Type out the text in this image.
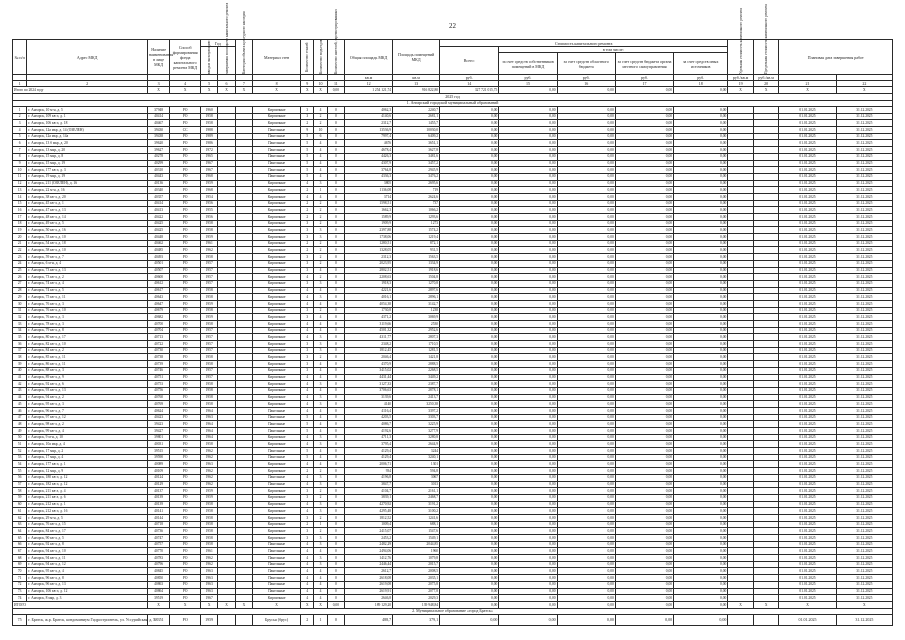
22
№ п/п	Адрес МКД	Наличие наименования в лице МКД	Способ формирования фонда капитального ремонта МКД	Год		Категория объекта культурного наследия	Материал стен	Количество этажей	Количество подъездов	Количество жителей, зарегистрированных	Общая площадь МКД	Площадь помещений МКД	Стоимость капитального ремонта					Удельная стоимость капитального ремонта	Предельная стоимость капитального ремонта	Плановая дата завершения работ	

				ввода в эксплуатацию	завершения последнего капитального ремонта								Всего:	в том числе:							
														за счет средств собственников помещений в МКД	за счет средств областного бюджета	за счет средств бюджета органа местного самоуправления	за счет средств иных источников				
											кв.м	кв.м	руб.	руб.	руб.	руб.	руб.	руб./кв.м	руб./кв.м		
1	2	3	4	5	6	7	8	9	10	11	12	13	14	15	16	17	18	19	20	21	22
Итого по 2024 году		X	X	X	X	X	X	X	X	0,00	1 254 121,74	916 822,80	327 721 015,75	0,00	0,00	0,00	0,00	X	X	X	X
2025 год																					
1. Ангарский городской муниципальный образований																					
1	г. Ангарск, 10 м-н, д. 5	37948	РО	1960			Кирпичные	3	4	0	4062,3	2240,7	0,00	0,00	0,00	0,00	0,00			01.01.2025	31.12.2025
2	г. Ангарск, 109 кв-л, д. 1	40414	РО	1958			Кирпичные	3	2	0	4140,6	2681,1	0,00	0,00	0,00	0,00	0,00			01.01.2025	31.12.2025
3	г. Ангарск, 106 кв-л, д. 18	40467	РО	1958			Кирпичные	2	2	0	2312,7	1455,7	0,00	0,00	0,00	0,00	0,00			01.01.2025	31.12.2025
4	г. Ангарск, 12а мкр, д. 14 (ОЗЕЛЕН)	39430	СС	1988			Панельные	9	10	0	13536,9	10030,0	0,00	0,00	0,00	0,00	0,00			01.01.2025	31.12.2025
5	г. Ангарск, 12а мкр, д. 14а	39438	РО	1989			Панельные	5	6	0	7997,4	6409,2	0,00	0,00	0,00	0,00	0,00			01.01.2025	31.12.2025
6	г. Ангарск, 13 б мкр, д. 20	39620	РО	1986			Панельные	5	4	0	4676	3651,1	0,00	0,00	0,00	0,00	0,00			01.01.2025	31.12.2025
7	г. Ангарск, 13 мкр, д. 20	39627	РО	1972			Панельные	5	4	0	4678,4	3627,8	0,00	0,00	0,00	0,00	0,00			01.01.2025	31.12.2025
8	г. Ангарск, 15 мкр, д. 8	40278	РО	1965			Панельные	5	4	0	4426,3	3481,6	0,00	0,00	0,00	0,00	0,00			01.01.2025	31.12.2025
9	г. Ангарск, 15 мкр, д. 19	40299	РО	1967			Панельные	5	4	0	4307,9	3457,2	0,00	0,00	0,00	0,00	0,00			01.01.2025	31.12.2025
10	г. Ангарск, 177 кв-л, д. 3	40310	РО	1967			Панельные	5	4	0	3764,8	2945,9	0,00	0,00	0,00	0,00	0,00			01.01.2025	31.12.2025
11	г. Ангарск, 19 мкр, д. 19	40443	РО	1968			Панельные	5	4	0	4336,3	3476,2	0,00	0,00	0,00	0,00	0,00			01.01.2025	31.12.2025
12	г. Ангарск, 211 (ОЗЕЛЕН), д. 16	40136	РО	1959			Кирпичные	4	3	0	3805	2695,6	0,00	0,00	0,00	0,00	0,00			01.01.2025	31.12.2025
13	г. Ангарск, 22 м-н, д. 16	40340	РО	1968			Кирпичные	2	1	0	1136,08	719	0,00	0,00	0,00	0,00	0,00			01.01.2025	31.12.2025
14	г. Ангарск, 38 кв-л, д. 20	40357	РО	1954			Кирпичные	4	4	0	3714	2624,6	0,00	0,00	0,00	0,00	0,00			01.01.2025	31.12.2025
15	г. Ангарск, 45 кв-л, д. 1	40414	РО	1956			Кирпичные	2	2	0	1598,51	737	0,00	0,00	0,00	0,00	0,00			01.01.2025	31.12.2025
16	г. Ангарск, 47 кв-л, д. 13	40413	РО	1955			Кирпичные	2	2	0	1662,3	1066,2	0,00	0,00	0,00	0,00	0,00			01.01.2025	31.12.2025
17	г. Ангарск, 48 кв-л, д. 14	40422	РО	1956			Кирпичные	2	2	0	1589,9	1293,6	0,00	0,00	0,00	0,00	0,00			01.01.2025	31.12.2025
18	г. Ангарск, 49 кв-л, д. 5	40425	РО	1958			Кирпичные	3	2	0	1909,9	1273	0,00	0,00	0,00	0,00	0,00			01.01.2025	31.12.2025
19	г. Ангарск, 50 кв-л, д. 16	40425	РО	1958			Кирпичные	3	3	0	2397,88	1574,2	0,00	0,00	0,00	0,00	0,00			01.01.2025	31.12.2025
20	г. Ангарск, 53 кв-л, д. 10	40448	РО	1959			Кирпичные	3	3	0	1738,06	1219,4	0,00	0,00	0,00	0,00	0,00			01.01.2025	31.12.2025
21	г. Ангарск, 54 кв-л, д. 18	40462	РО	1961			Кирпичные	2	2	0	1280,51	872,1	0,00	0,00	0,00	0,00	0,00			01.01.2025	31.12.2025
22	г. Ангарск, 58 кв-л, д. 10	40485	РО	1962			Кирпичные	2	2	0	1328,05	931,5	0,00	0,00	0,00	0,00	0,00			01.01.2025	31.12.2025
23	г. Ангарск, 59 кв-л, д. 7	40493	РО	1958			Кирпичные	3	2	0	2312,3	1563,5	0,00	0,00	0,00	0,00	0,00			01.01.2025	31.12.2025
24	г. Ангарск, 6 м-н, д. 4	40501	РО	1957			Кирпичные	3	2	0	2023,95	1334,9	0,00	0,00	0,00	0,00	0,00			01.01.2025	31.12.2025
25	г. Ангарск, 73 кв-л, д. 13	40507	РО	1957			Кирпичные	3	4	0	2802,51	1918,6	0,00	0,00	0,00	0,00	0,00			01.01.2025	31.12.2025
26	г. Ангарск, 73 кв-л, д. 2	40600	РО	1957			Кирпичные	4	2	0	2208,63	1504,8	0,00	0,00	0,00	0,00	0,00			01.01.2025	31.12.2025
27	г. Ангарск, 74 кв-л, д. 4	40612	РО	1957			Кирпичные	3	3	0	1918,3	1270,8	0,00	0,00	0,00	0,00	0,00			01.01.2025	31.12.2025
28	г. Ангарск, 74 кв-л, д. 5	40617	РО	1958			Кирпичные	4	4	0	4221,6	2897,6	0,00	0,00	0,00	0,00	0,00			01.01.2025	31.12.2025
29	г. Ангарск, 75 кв-л, д. 11	40643	РО	1958			Кирпичные	4	3	0	4016,1	2896,1	0,00	0,00	0,00	0,00	0,00			01.01.2025	31.12.2025
30	г. Ангарск, 76 кв-л, д. 3	40647	РО	1959			Кирпичные	4	4	0	4054,38	3142,7	0,00	0,00	0,00	0,00	0,00			01.01.2025	31.12.2025
31	г. Ангарск, 76 кв-л, д. 10	40679	РО	1958			Кирпичные	3	2	0	1730,8	1238	0,00	0,00	0,00	0,00	0,00			01.01.2025	31.12.2025
32	г. Ангарск, 76 кв-л, д. 3	40682	РО	1959			Кирпичные	3	4	0	4371,2	3069,9	0,00	0,00	0,00	0,00	0,00			01.01.2025	31.12.2025
33	г. Ангарск, 78 кв-л, д. 3	40700	РО	1958			Кирпичные	4	4	0	3119,66	2530	0,00	0,00	0,00	0,00	0,00			01.01.2025	31.12.2025
34	г. Ангарск, 79 кв-л, д. 8	40704	РО	1957			Кирпичные	4	4	0	4501,32	2952,6	0,00	0,00	0,00	0,00	0,00			01.01.2025	31.12.2025
35	г. Ангарск, 80 кв-л, д. 17	40713	РО	1957			Кирпичные	4	3	0	4311,77	2807,3	0,00	0,00	0,00	0,00	0,00			01.01.2025	31.12.2025
36	г. Ангарск, 82 кв-л, д. 10	40722	РО	1957			Кирпичные	3	3	0	2348,2	1710,5	0,00	0,00	0,00	0,00	0,00			01.01.2025	31.12.2025
37	г. Ангарск, 84 кв-л, д. 2	40730	РО	1957			Кирпичные	3	3	0	1812,45	1281,5	0,00	0,00	0,00	0,00	0,00			01.01.2025	31.12.2025
38	г. Ангарск, 85 кв-л, д. 11	40738	РО	1958			Кирпичные	3	2	0	2046,4	1421,8	0,00	0,00	0,00	0,00	0,00			01.01.2025	31.12.2025
39	г. Ангарск, 86 кв-л, д. 11	40739	РО	1958			Кирпичные	3	4	0	4370,9	2888,5	0,00	0,00	0,00	0,00	0,00			01.01.2025	31.12.2025
40	г. Ангарск, 88 кв-л, д. 3	40746	РО	1957			Кирпичные	3	4	0	3415,02	2268,5	0,00	0,00	0,00	0,00	0,00			01.01.2025	31.12.2025
41	г. Ангарск, 89 кв-л, д. 9	40751	РО	1957			Кирпичные	4	4	0	4431,44	3449,2	0,00	0,00	0,00	0,00	0,00			01.01.2025	31.12.2025
42	г. Ангарск, 92 кв-л, д. 6	40753	РО	1958			Кирпичные	4	3	0	3127,33	2387,7	0,00	0,00	0,00	0,00	0,00			01.01.2025	31.12.2025
43	г. Ангарск, 93 кв-л, д. 13	40756	РО	1958			Кирпичные	4	4	0	3706,63	2878,1	0,00	0,00	0,00	0,00	0,00			01.01.2025	31.12.2025
44	г. Ангарск, 94 кв-л, д. 2	40760	РО	1958			Кирпичные	4	3	0	3139,6	2413,7	0,00	0,00	0,00	0,00	0,00			01.01.2025	31.12.2025
45	г. Ангарск, 95 кв-л, д. 3	40769	РО	1958			Кирпичные	4	3	0	4140	3250,38	0,00	0,00	0,00	0,00	0,00			01.01.2025	31.12.2025
46	г. Ангарск, 96 кв-л, д. 7	40624	РО	1964			Панельные	4	4	0	4116,4	3397,2	0,00	0,00	0,00	0,00	0,00			01.01.2025	31.12.2025
47	г. Ангарск, 97 кв-л, д. 12	40423	РО	1963			Панельные	5	4	0	4203,5	3303,7	0,00	0,00	0,00	0,00	0,00			01.01.2025	31.12.2025
48	г. Ангарск, 98 кв-л, д. 2	39423	РО	1964			Панельные	5	4	0	4086,7	3225,9	0,00	0,00	0,00	0,00	0,00			01.01.2025	31.12.2025
49	г. Ангарск, 99 кв-л, д. 4	39427	РО	1964			Панельные	5	4	0	4192,6	3277,9	0,00	0,00	0,00	0,00	0,00			01.01.2025	31.12.2025
50	г. Ангарск, 9 м-н, д. 10	39801	РО	1964			Кирпичные	4	3	0	4711,3	3280,8	0,00	0,00	0,00	0,00	0,00			01.01.2025	31.12.2025
51	г. Ангарск, 10а мкр, д. 4	40031	РО	1958			Кирпичные	4	3	0	3795,4	2644,9	0,00	0,00	0,00	0,00	0,00			01.01.2025	31.12.2025
52	г. Ангарск, 17 мкр, д. 2	39515	РО	1962			Панельные	5	4	0	4129,4	3244	0,00	0,00	0,00	0,00	0,00			01.01.2025	31.12.2025
53	г. Ангарск, 17 мкр, д. 4	39590	РО	1962			Панельные	5	4	0	4129,4	3240,1	0,00	0,00	0,00	0,00	0,00			01.01.2025	31.12.2025
54	г. Ангарск, 177 кв-л, д. 1	40089	РО	1963			Кирпичные	4	4	0	2006,71	1301	0,00	0,00	0,00	0,00	0,00			01.01.2025	31.12.2025
55	г. Ангарск, 12 мкр, д. 9	40109	РО	1962			Кирпичные	2	2	0	934	594,8	0,00	0,00	0,00	0,00	0,00			01.01.2025	31.12.2025
56	г. Ангарск, 180 кв-л, д. 12	40124	РО	1962			Панельные	4	3	0	4196,8	3067	0,00	0,00	0,00	0,00	0,00			01.01.2025	31.12.2025
57	г. Ангарск, 182 кв-л, д. 12	40129	РО	1962			Панельные	4	3	0	3847,7	3013	0,00	0,00	0,00	0,00	0,00			01.01.2025	31.12.2025
58	г. Ангарск, 211 кв-л, д. 4	40137	РО	1959			Кирпичные	3	2	0	4104,7	2161,1	0,00	0,00	0,00	0,00	0,00			01.01.2025	31.12.2025
59	г. Ангарск, 211 кв-л, д. 6	40139	РО	1959			Кирпичные	3	2	0	3839,1	2468,7	0,00	0,00	0,00	0,00	0,00			01.01.2025	31.12.2025
60	г. Ангарск, 212 кв-л, д. 1	40139	РО	1958			Кирпичные	4	3	0	4270,92	3191,2	0,00	0,00	0,00	0,00	0,00			01.01.2025	31.12.2025
61	г. Ангарск, 212 кв-л, д. 16	40141	РО	1958			Кирпичные	4	3	0	4295,48	3100,2	0,00	0,00	0,00	0,00	0,00			01.01.2025	31.12.2025
62	г. Ангарск, 29 м-н, д. 5	40144	РО	1958			Кирпичные	3	2	0	1812,52	1241,6	0,00	0,00	0,00	0,00	0,00			01.01.2025	31.12.2025
63	г. Ангарск, 76 кв-л, д. 15	40718	РО	1958			Кирпичные	2	1	0	1009,4	688,1	0,00	0,00	0,00	0,00	0,00			01.01.2025	31.12.2025
64	г. Ангарск, 84 кв-л, д. 17	40736	РО	1958			Кирпичные	3	2	0	2415,07	1547,6	0,00	0,00	0,00	0,00	0,00			01.01.2025	31.12.2025
65	г. Ангарск, 90 кв-л, д. 5	40747	РО	1958			Кирпичные	3	3	0	2453,2	1549,1	0,00	0,00	0,00	0,00	0,00			01.01.2025	31.12.2025
66	г. Ангарск, 92 кв-л, д. 8	40757	РО	1958			Панельные	4	3	0	2482,29	2044,85	0,00	0,00	0,00	0,00	0,00			01.01.2025	31.12.2025
67	г. Ангарск, 94 кв-л, д. 10	40770	РО	1961			Панельные	4	4	0	2494,06	1960	0,00	0,00	0,00	0,00	0,00			01.01.2025	31.12.2025
68	г. Ангарск, 94 кв-л, д. 11	40783	РО	1962			Панельные	4	3	0	1412,76	1079,8	0,00	0,00	0,00	0,00	0,00			01.01.2025	31.12.2025
69	г. Ангарск, 94 кв-л, д. 12	40796	РО	1962			Панельные	4	3	0	2446,44	2015,7	0,00	0,00	0,00	0,00	0,00			01.01.2025	31.12.2025
70	г. Ангарск, 95 кв-л, д. 4	40845	РО	1963			Панельные	4	4	0	2612,7	2008,5	0,00	0,00	0,00	0,00	0,00			01.01.2025	31.12.2025
71	г. Ангарск, 96 кв-л, д. 8	40850	РО	1963			Панельные	4	4	0	2618,08	2035,1	0,00	0,00	0,00	0,00	0,00			01.01.2025	31.12.2025
72	г. Ангарск, 96 кв-л, д. 13	40863	РО	1963			Панельные	4	4	0	2619,08	2075,8	0,00	0,00	0,00	0,00	0,00			01.01.2025	31.12.2025
73	г. Ангарск, 106 кв-л, д. 12	40864	РО	1963			Панельные	4	4	0	2619,91	2077,8	0,00	0,00	0,00	0,00	0,00			01.01.2025	31.12.2025
74	г. Ангарск, 8 мкр, д. 3	39519	РО	1967			Кирпичные	4	4	0	2646,8	2029,3	0,00	0,00	0,00	0,00	0,00			01.01.2025	31.12.2025
ИТОГО		X	X	X	X	X	X	X	X	0,00	189 129,20	139 948,84	0,00	0,00	0,00	0,00	0,00	X	X	X	X
2. Муниципальное образование «город Братск»																					
75	г. Братск, ж.р. Братск, кондоминиум Гидростроитель, ул. Уссурийская, д. 5	38351	РО	1959			Брусья (брус)	2	1	0	488,7	379,1	0,00	0,00	0,00	0,00	0,00			01.01.2025	31.12.2025
